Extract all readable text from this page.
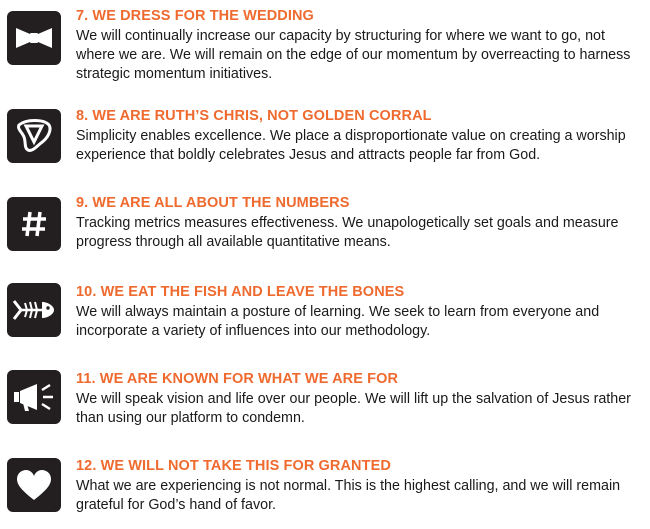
7. WE DRESS FOR THE WEDDING
We will continually increase our capacity by structuring for where we want to go, not where we are. We will remain on the edge of our momentum by overreacting to harness strategic momentum initiatives.
8. WE ARE RUTH’S CHRIS, NOT GOLDEN CORRAL
Simplicity enables excellence. We place a disproportionate value on creating a worship experience that boldly celebrates Jesus and attracts people far from God.
9. WE ARE ALL ABOUT THE NUMBERS
Tracking metrics measures effectiveness. We unapologetically set goals and measure progress through all available quantitative means.
10. WE EAT THE FISH AND LEAVE THE BONES
We will always maintain a posture of learning. We seek to learn from everyone and incorporate a variety of influences into our methodology.
11. WE ARE KNOWN FOR WHAT WE ARE FOR
We will speak vision and life over our people. We will lift up the salvation of Jesus rather than using our platform to condemn.
12. WE WILL NOT TAKE THIS FOR GRANTED
What we are experiencing is not normal. This is the highest calling, and we will remain grateful for God’s hand of favor.
